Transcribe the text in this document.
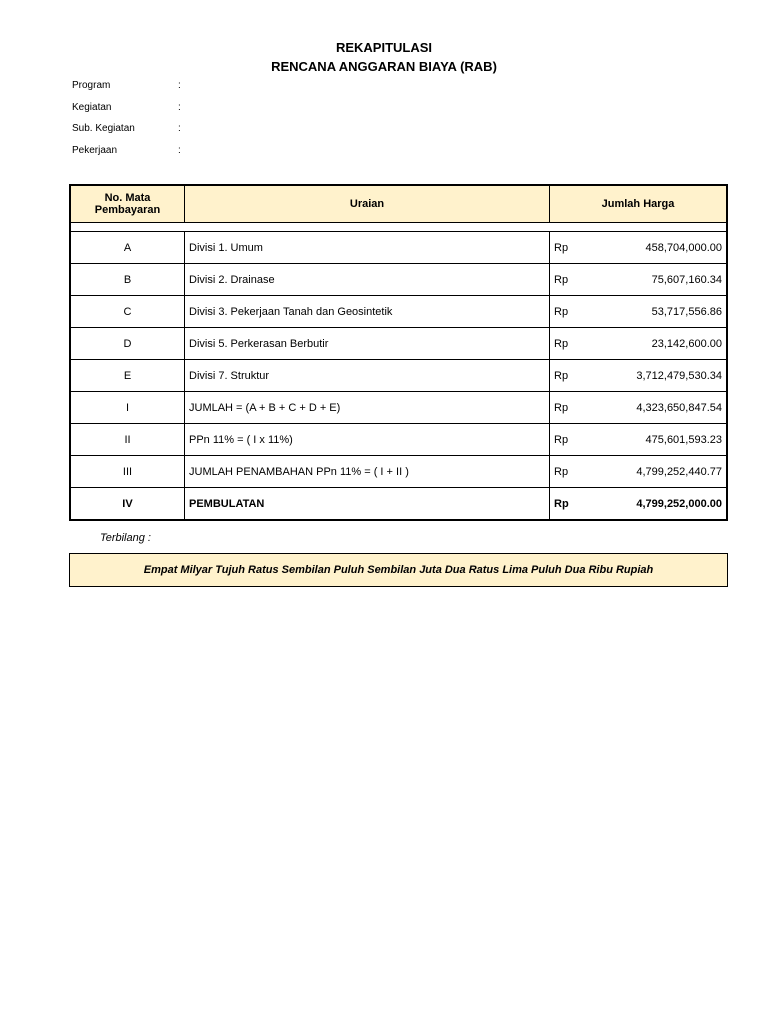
REKAPITULASI
RENCANA ANGGARAN BIAYA (RAB)
Program	:
Kegiatan	:
Sub. Kegiatan	:
Pekerjaan	:
No. Mata Pembayaran	Uraian	Jumlah Harga	

A	Divisi 1. Umum	Rp	458,704,000.00
B	Divisi 2. Drainase	Rp	75,607,160.34
C	Divisi 3. Pekerjaan Tanah dan Geosintetik	Rp	53,717,556.86
D	Divisi 5. Perkerasan Berbutir	Rp	23,142,600.00
E	Divisi 7. Struktur	Rp	3,712,479,530.34
I	JUMLAH = (A + B + C + D + E)	Rp	4,323,650,847.54
II	PPn 11% = ( I x 11%)	Rp	475,601,593.23
III	JUMLAH PENAMBAHAN PPn 11% = ( I + II )	Rp	4,799,252,440.77
IV	PEMBULATAN	Rp	4,799,252,000.00
Terbilang :
Empat Milyar Tujuh Ratus Sembilan Puluh Sembilan Juta Dua Ratus Lima Puluh Dua Ribu Rupiah
